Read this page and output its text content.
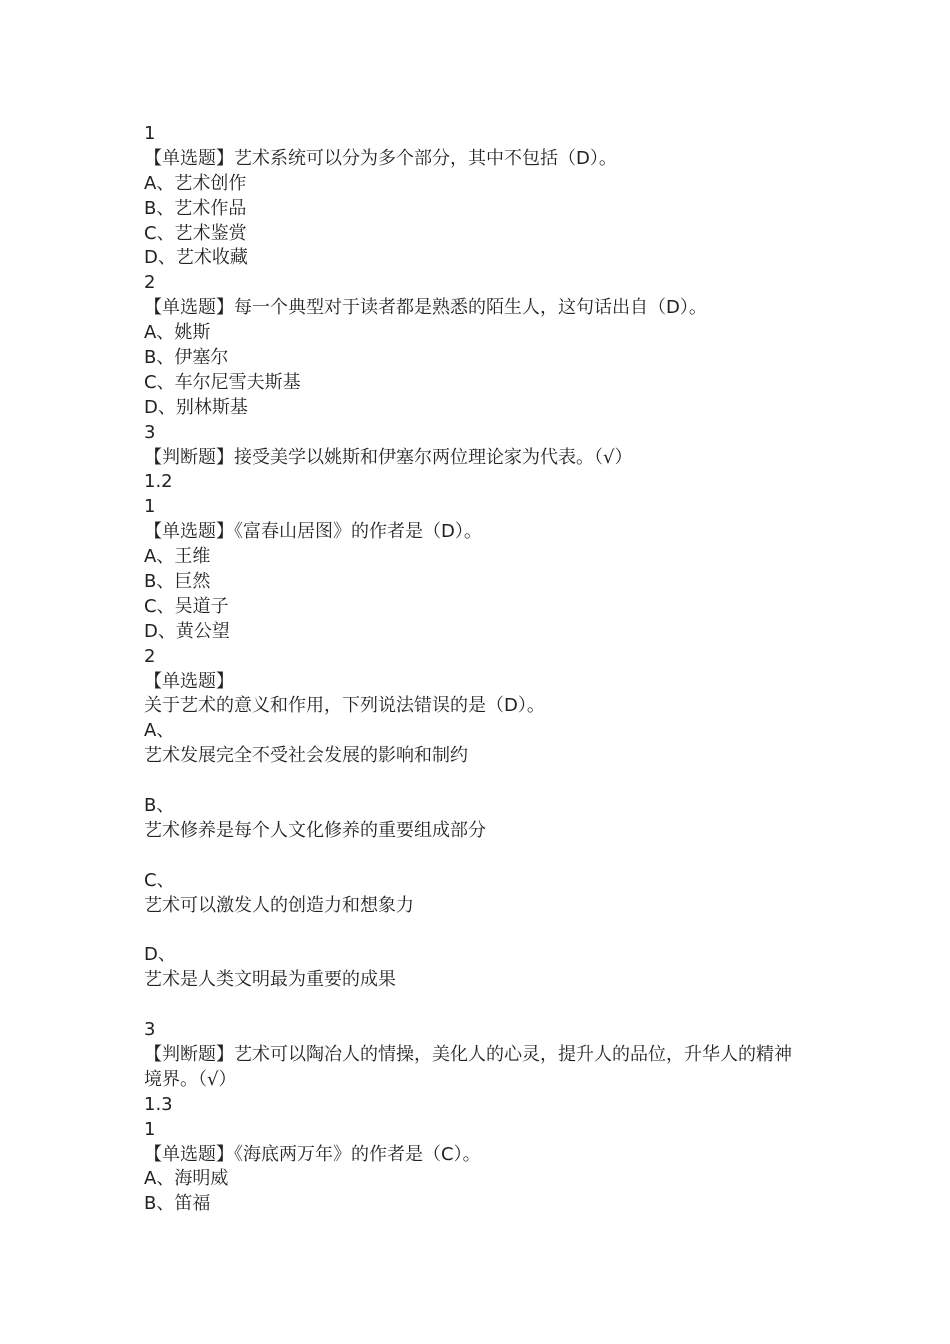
1
【单选题】艺术系统可以分为多个部分，其中不包括（D）。
A、艺术创作
B、艺术作品
C、艺术鉴赏
D、艺术收藏
2
【单选题】每一个典型对于读者都是熟悉的陌生人，这句话出自（D）。
A、姚斯
B、伊塞尔
C、车尔尼雪夫斯基
D、别林斯基
3
【判断题】接受美学以姚斯和伊塞尔两位理论家为代表。（√）
1.2
1
【单选题】《富春山居图》的作者是（D）。
A、王维
B、巨然
C、吴道子
D、黄公望
2
【单选题】
关于艺术的意义和作用，下列说法错误的是（D）。
A、
艺术发展完全不受社会发展的影响和制约
B、
艺术修养是每个人文化修养的重要组成部分
C、
艺术可以激发人的创造力和想象力
D、
艺术是人类文明最为重要的成果
3
【判断题】艺术可以陶冶人的情操，美化人的心灵，提升人的品位，升华人的精神
境界。（√）
1.3
1
【单选题】《海底两万年》的作者是（C）。
A、海明威
B、笛福
